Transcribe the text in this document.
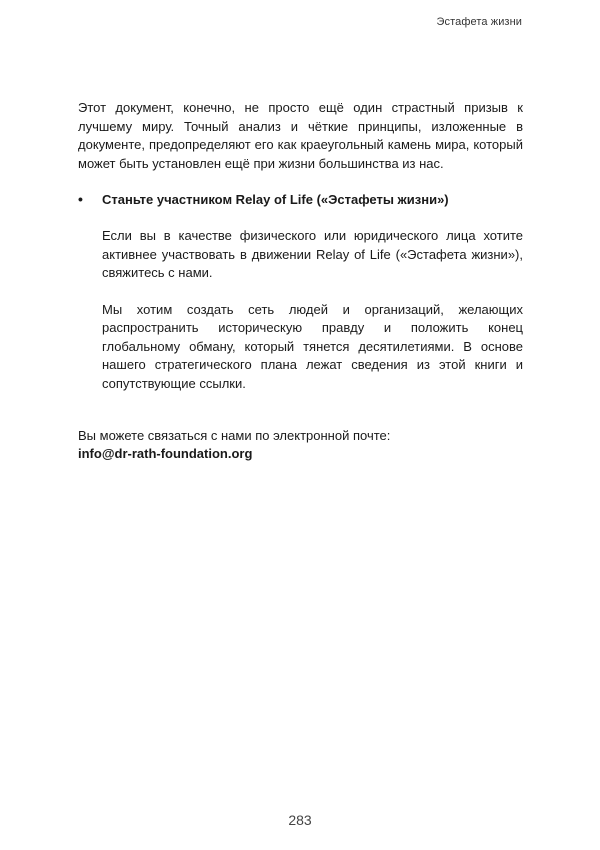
Эстафета жизни

Этот документ, конечно, не просто ещё один страстный призыв к лучшему миру. Точный анализ и чёткие принципы, изложенные в документе, предопределяют его как краеугольный камень мира, который может быть установлен ещё при жизни большинства из нас.

•	Станьте участником Relay of Life («Эстафеты жизни»)

Если вы в качестве физического или юридического лица хотите активнее участвовать в движении Relay of Life («Эстафета жизни»), свяжитесь с нами.

Мы хотим создать сеть людей и организаций, желающих распространить историческую правду и положить конец глобальному обману, который тянется десятилетиями. В основе нашего стратегического плана лежат сведения из этой книги и сопутствующие ссылки.

Вы можете связаться с нами по электронной почте:

info@dr-rath-foundation.org

283
